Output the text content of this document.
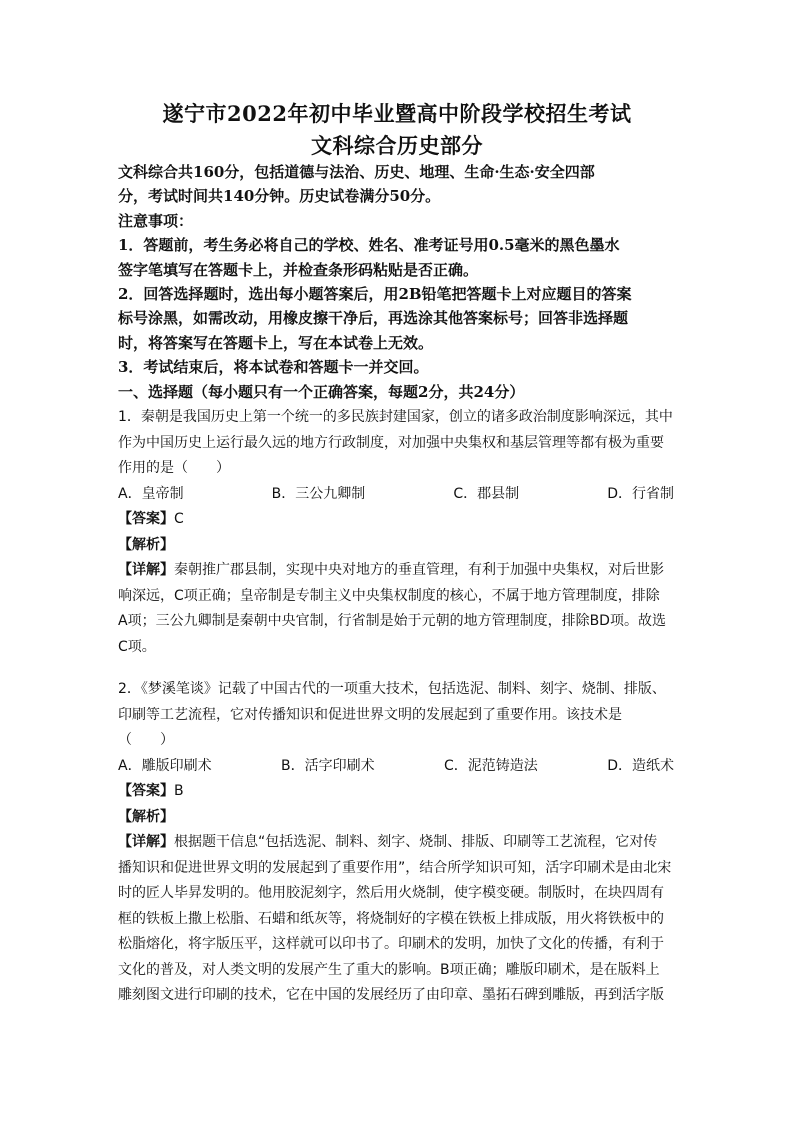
遂宁市2022年初中毕业暨高中阶段学校招生考试
文科综合历史部分

文科综合共160分，包括道德与法治、历史、地理、生命·生态·安全四部

分，考试时间共140分钟。历史试卷满分50分。

注意事项：

1．答题前，考生务必将自己的学校、姓名、准考证号用0.5毫米的黑色墨水

签字笔填写在答题卡上，并检查条形码粘贴是否正确。

2．回答选择题时，选出每小题答案后，用2B铅笔把答题卡上对应题目的答案

标号涂黑，如需改动，用橡皮擦干净后，再选涂其他答案标号；回答非选择题

时，将答案写在答题卡上，写在本试卷上无效。

3．考试结束后，将本试卷和答题卡一并交回。

一、选择题（每小题只有一个正确答案，每题2分，共24分）

1．秦朝是我国历史上第一个统一的多民族封建国家，创立的诸多政治制度影响深远，其中

作为中国历史上运行最久远的地方行政制度，对加强中央集权和基层管理等都有极为重要

作用的是（　　）

A．皇帝制	B．三公九卿制	C．郡县制	D．行省制

【答案】C

【解析】

【详解】秦朝推广郡县制，实现中央对地方的垂直管理，有利于加强中央集权，对后世影

响深远，C项正确；皇帝制是专制主义中央集权制度的核心，不属于地方管理制度，排除

A项；三公九卿制是秦朝中央官制，行省制是始于元朝的地方管理制度，排除BD项。故选

C项。

2．《梦溪笔谈》记载了中国古代的一项重大技术，包括选泥、制料、刻字、烧制、排版、

印刷等工艺流程，它对传播知识和促进世界文明的发展起到了重要作用。该技术是

（　　）

A．雕版印刷术	B．活字印刷术	C．泥范铸造法	D．造纸术

【答案】B

【解析】

【详解】根据题干信息“包括选泥、制料、刻字、烧制、排版、印刷等工艺流程，它对传

播知识和促进世界文明的发展起到了重要作用”，结合所学知识可知，活字印刷术是由北宋

时的匠人毕昇发明的。他用胶泥刻字，然后用火烧制，使字模变硬。制版时，在块四周有

框的铁板上撒上松脂、石蜡和纸灰等，将烧制好的字模在铁板上排成版，用火将铁板中的

松脂熔化，将字版压平，这样就可以印书了。印刷术的发明，加快了文化的传播，有利于

文化的普及，对人类文明的发展产生了重大的影响。B项正确；雕版印刷术，是在版料上

雕刻图文进行印刷的技术，它在中国的发展经历了由印章、墨拓石碑到雕版，再到活字版
